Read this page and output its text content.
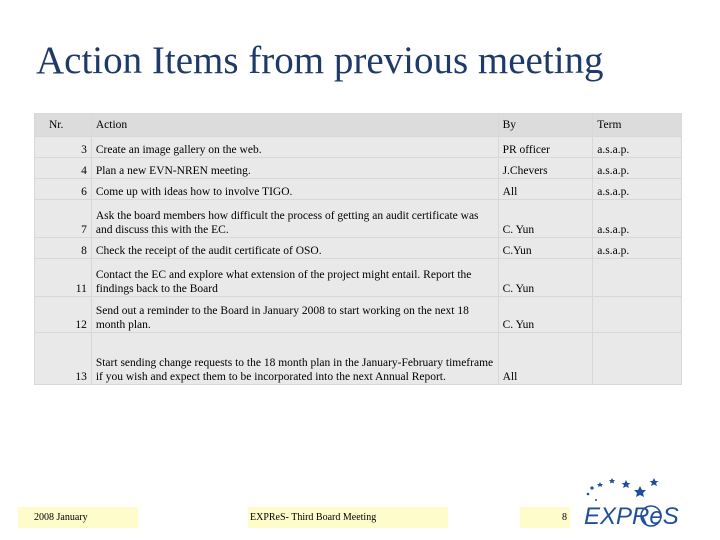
Action Items from previous meeting
Nr.	Action	By	Term
3	Create an image gallery on the web.	PR officer	a.s.a.p.
4	Plan a new EVN-NREN meeting.	J.Chevers	a.s.a.p.
6	Come up with ideas how to involve TIGO.	All	a.s.a.p.
7	Ask the board members how difficult the process of getting an audit certificate was and discuss this with the EC.	C. Yun	a.s.a.p.
8	Check the receipt of the audit certificate of OSO.	C.Yun	a.s.a.p.
11	Contact the EC and explore what extension of the project might entail. Report the findings back to the Board	C. Yun	
12	Send out a reminder to the Board in January 2008 to start working on the next 18 month plan.	C. Yun	
13	Start sending change requests to the 18 month plan in the January-February timeframe if you wish and expect them to be incorporated into the next Annual Report.	All	
2008 January	EXPReS- Third Board Meeting	8 EXPReS
